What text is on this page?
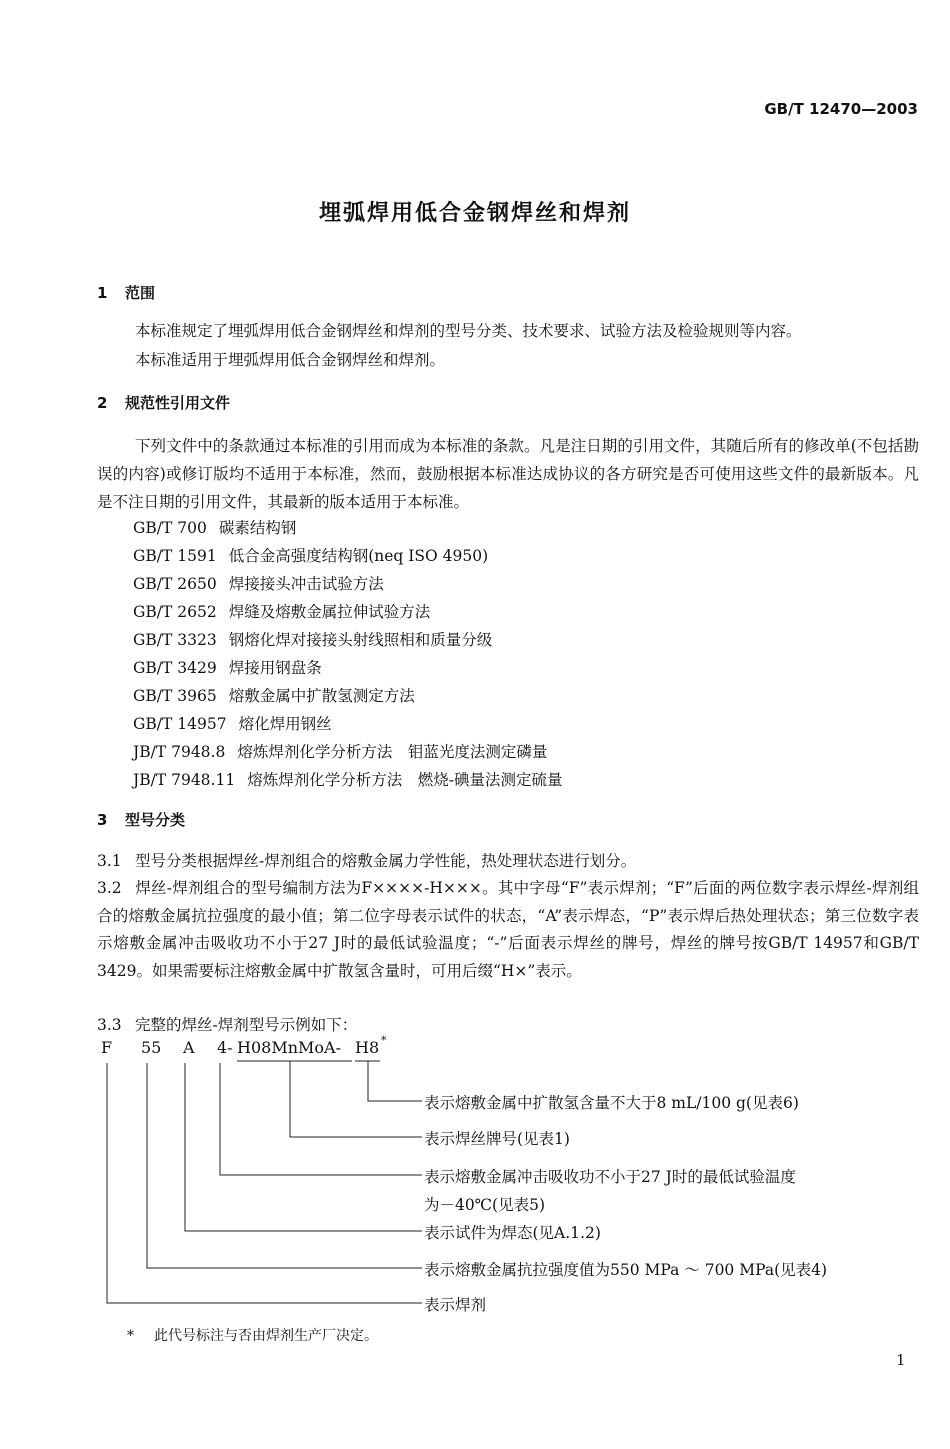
GB/T 12470—2003
埋弧焊用低合金钢焊丝和焊剂
1 范围
本标准规定了埋弧焊用低合金钢焊丝和焊剂的型号分类、技术要求、试验方法及检验规则等内容。
本标准适用于埋弧焊用低合金钢焊丝和焊剂。
2 规范性引用文件
下列文件中的条款通过本标准的引用而成为本标准的条款。凡是注日期的引用文件，其随后所有的修改单(不包括勘误的内容)或修订版均不适用于本标准，然而，鼓励根据本标准达成协议的各方研究是否可使用这些文件的最新版本。凡是不注日期的引用文件，其最新的版本适用于本标准。
GB/T 700 碳素结构钢
GB/T 1591 低合金高强度结构钢(neq ISO 4950)
GB/T 2650 焊接接头冲击试验方法
GB/T 2652 焊缝及熔敷金属拉伸试验方法
GB/T 3323 钢熔化焊对接接头射线照相和质量分级
GB/T 3429 焊接用钢盘条
GB/T 3965 熔敷金属中扩散氢测定方法
GB/T 14957 熔化焊用钢丝
JB/T 7948.8 熔炼焊剂化学分析方法　钼蓝光度法测定磷量
JB/T 7948.11 熔炼焊剂化学分析方法　燃烧-碘量法测定硫量
3 型号分类
3.1 型号分类根据焊丝-焊剂组合的熔敷金属力学性能，热处理状态进行划分。
3.2 焊丝-焊剂组合的型号编制方法为F××××-H×××。其中字母“F”表示焊剂；“F”后面的两位数字表示焊丝-焊剂组合的熔敷金属抗拉强度的最小值；第二位字母表示试件的状态，“A”表示焊态，“P”表示焊后热处理状态；第三位数字表示熔敷金属冲击吸收功不小于27 J时的最低试验温度；“-”后面表示焊丝的牌号，焊丝的牌号按GB/T 14957和GB/T 3429。如果需要标注熔敷金属中扩散氢含量时，可用后缀“H×”表示。
3.3 完整的焊丝-焊剂型号示例如下：
F 55 A 4- H08MnMoA- H8 *
表示熔敷金属中扩散氢含量不大于8 mL/100 g(见表6)
表示焊丝牌号(见表1)
表示熔敷金属冲击吸收功不小于27 J时的最低试验温度
为－40℃(见表5)
表示试件为焊态(见A.1.2)
表示熔敷金属抗拉强度值为550 MPa ～ 700 MPa(见表4)
表示焊剂
* 此代号标注与否由焊剂生产厂决定。
1
